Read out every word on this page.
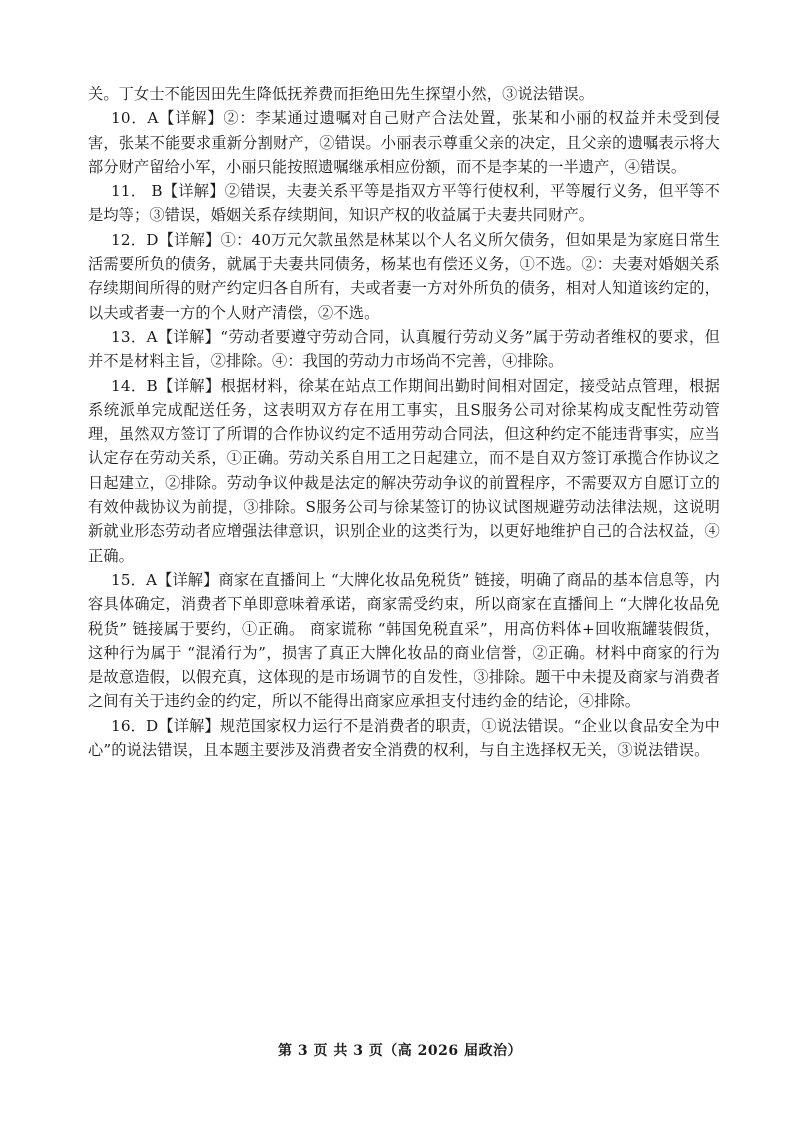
关。丁女士不能因田先生降低抚养费而拒绝田先生探望小然，③说法错误。

10．A【详解】②：李某通过遗嘱对自己财产合法处置，张某和小丽的权益并未受到侵害，张某不能要求重新分割财产，②错误。小丽表示尊重父亲的决定，且父亲的遗嘱表示将大部分财产留给小军，小丽只能按照遗嘱继承相应份额，而不是李某的一半遗产，④错误。

11． B【详解】②错误，夫妻关系平等是指双方平等行使权利，平等履行义务，但平等不是均等；③错误，婚姻关系存续期间，知识产权的收益属于夫妻共同财产。

12．D【详解】①：40万元欠款虽然是林某以个人名义所欠债务，但如果是为家庭日常生活需要所负的债务，就属于夫妻共同债务，杨某也有偿还义务，①不选。②：夫妻对婚姻关系存续期间所得的财产约定归各自所有，夫或者妻一方对外所负的债务，相对人知道该约定的，以夫或者妻一方的个人财产清偿，②不选。

13．A【详解】“劳动者要遵守劳动合同，认真履行劳动义务”属于劳动者维权的要求，但并不是材料主旨，②排除。④：我国的劳动力市场尚不完善，④排除。

14．B【详解】根据材料，徐某在站点工作期间出勤时间相对固定，接受站点管理，根据系统派单完成配送任务，这表明双方存在用工事实，且S服务公司对徐某构成支配性劳动管理，虽然双方签订了所谓的合作协议约定不适用劳动合同法，但这种约定不能违背事实，应当认定存在劳动关系，①正确。劳动关系自用工之日起建立，而不是自双方签订承揽合作协议之日起建立，②排除。劳动争议仲裁是法定的解决劳动争议的前置程序，不需要双方自愿订立的有效仲裁协议为前提，③排除。S服务公司与徐某签订的协议试图规避劳动法律法规，这说明新就业形态劳动者应增强法律意识，识别企业的这类行为，以更好地维护自己的合法权益，④正确。

15．A【详解】商家在直播间上 “大牌化妆品免税货” 链接，明确了商品的基本信息等，内容具体确定，消费者下单即意味着承诺，商家需受约束，所以商家在直播间上 “大牌化妆品免税货” 链接属于要约，①正确。 商家谎称 “韩国免税直采”，用高仿料体+回收瓶罐装假货，这种行为属于 “混淆行为”，损害了真正大牌化妆品的商业信誉，②正确。材料中商家的行为是故意造假，以假充真，这体现的是市场调节的自发性，③排除。题干中未提及商家与消费者之间有关于违约金的约定，所以不能得出商家应承担支付违约金的结论，④排除。

16．D【详解】规范国家权力运行不是消费者的职责，①说法错误。“企业以食品安全为中心”的说法错误，且本题主要涉及消费者安全消费的权利，与自主选择权无关，③说法错误。

第 3 页 共 3 页（高 2026 届政治）
